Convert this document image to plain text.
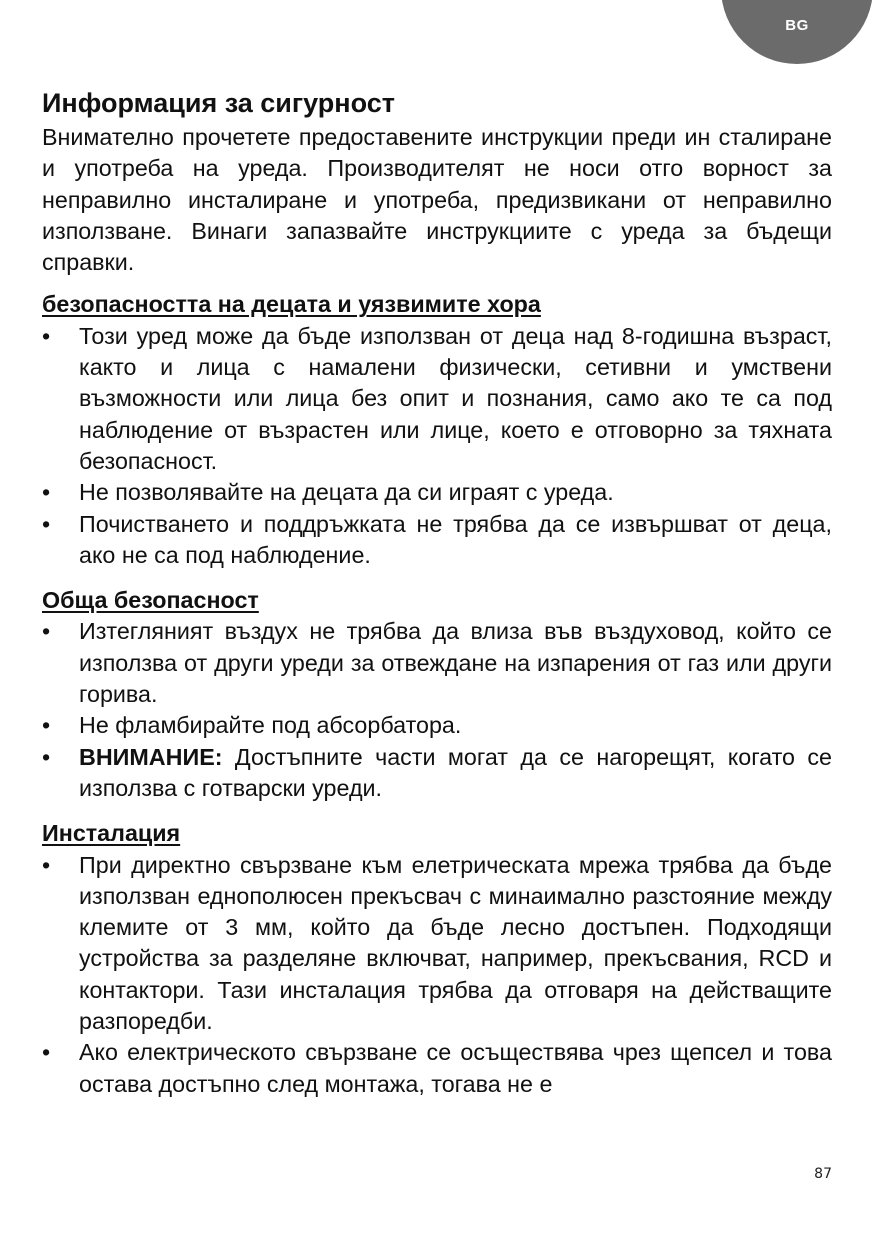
BG
Информация за сигурност

Внимателно прочетете предоставените инструкции преди ин сталиране и употреба на уреда. Производителят не носи отго ворност за неправилно инсталиране и употреба, предизвикани от неправилно използване. Винаги запазвайте инструкциите с уреда за бъдещи справки.

безопасността на децата и уязвимите хора
• Този уред може да бъде използван от деца над 8-годишна възраст, както и лица с намалени физически, сетивни и умствени възможности или лица без опит и познания, само ако те са под наблюдение от възрастен или лице, което е отговорно за тяхната безопасност.
• Не позволявайте на децата да си играят с уреда.
• Почистването и поддръжката не трябва да се извършват от деца, ако не са под наблюдение.
Обща безопасност
• Изтегляният въздух не трябва да влиза във въздуховод, който се използва от други уреди за отвеждане на изпарения от газ или други горива.
• Не фламбирайте под абсорбатора.
• ВНИМАНИЕ: Достъпните части могат да се нагорещят, когато се използва с готварски уреди.
Инсталация
• При директно свързване към елетрическата мрежа трябва да бъде използван еднополюсен прекъсвач с минаимално разстояние между клемите от 3 мм, който да бъде лесно достъпен. Подходящи устройства за разделяне включват, например, прекъсвания, RCD и контактори. Тази инсталация трябва да отговаря на действащите разпоредби.
• Ако електрическото свързване се осъществява чрез щепсел и това остава достъпно след монтажа, тогава не е
87
